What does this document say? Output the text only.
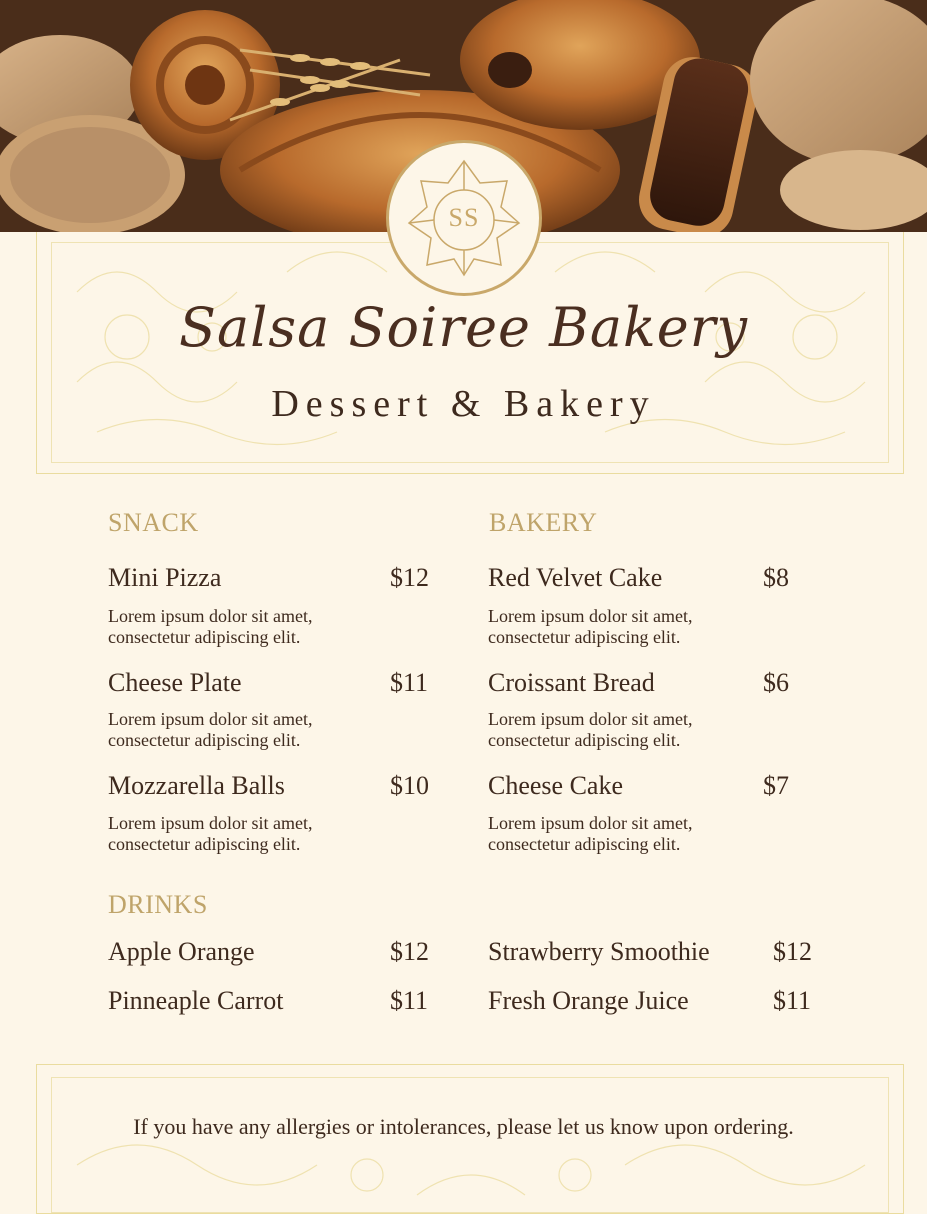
SS
Salsa Soiree Bakery
Dessert & Bakery
SNACK
Mini Pizza	$12
Lorem ipsum dolor sit amet, consectetur adipiscing elit.
Cheese Plate	$11
Lorem ipsum dolor sit amet, consectetur adipiscing elit.
Mozzarella Balls	$10
Lorem ipsum dolor sit amet, consectetur adipiscing elit.
BAKERY
Red Velvet Cake	$8
Lorem ipsum dolor sit amet, consectetur adipiscing elit.
Croissant Bread	$6
Lorem ipsum dolor sit amet, consectetur adipiscing elit.
Cheese Cake	$7
Lorem ipsum dolor sit amet, consectetur adipiscing elit.
DRINKS
Apple Orange	$12
Pinneaple Carrot	$11
Strawberry Smoothie $12
Fresh Orange Juice	$11
If you have any allergies or intolerances, please let us know upon ordering.
